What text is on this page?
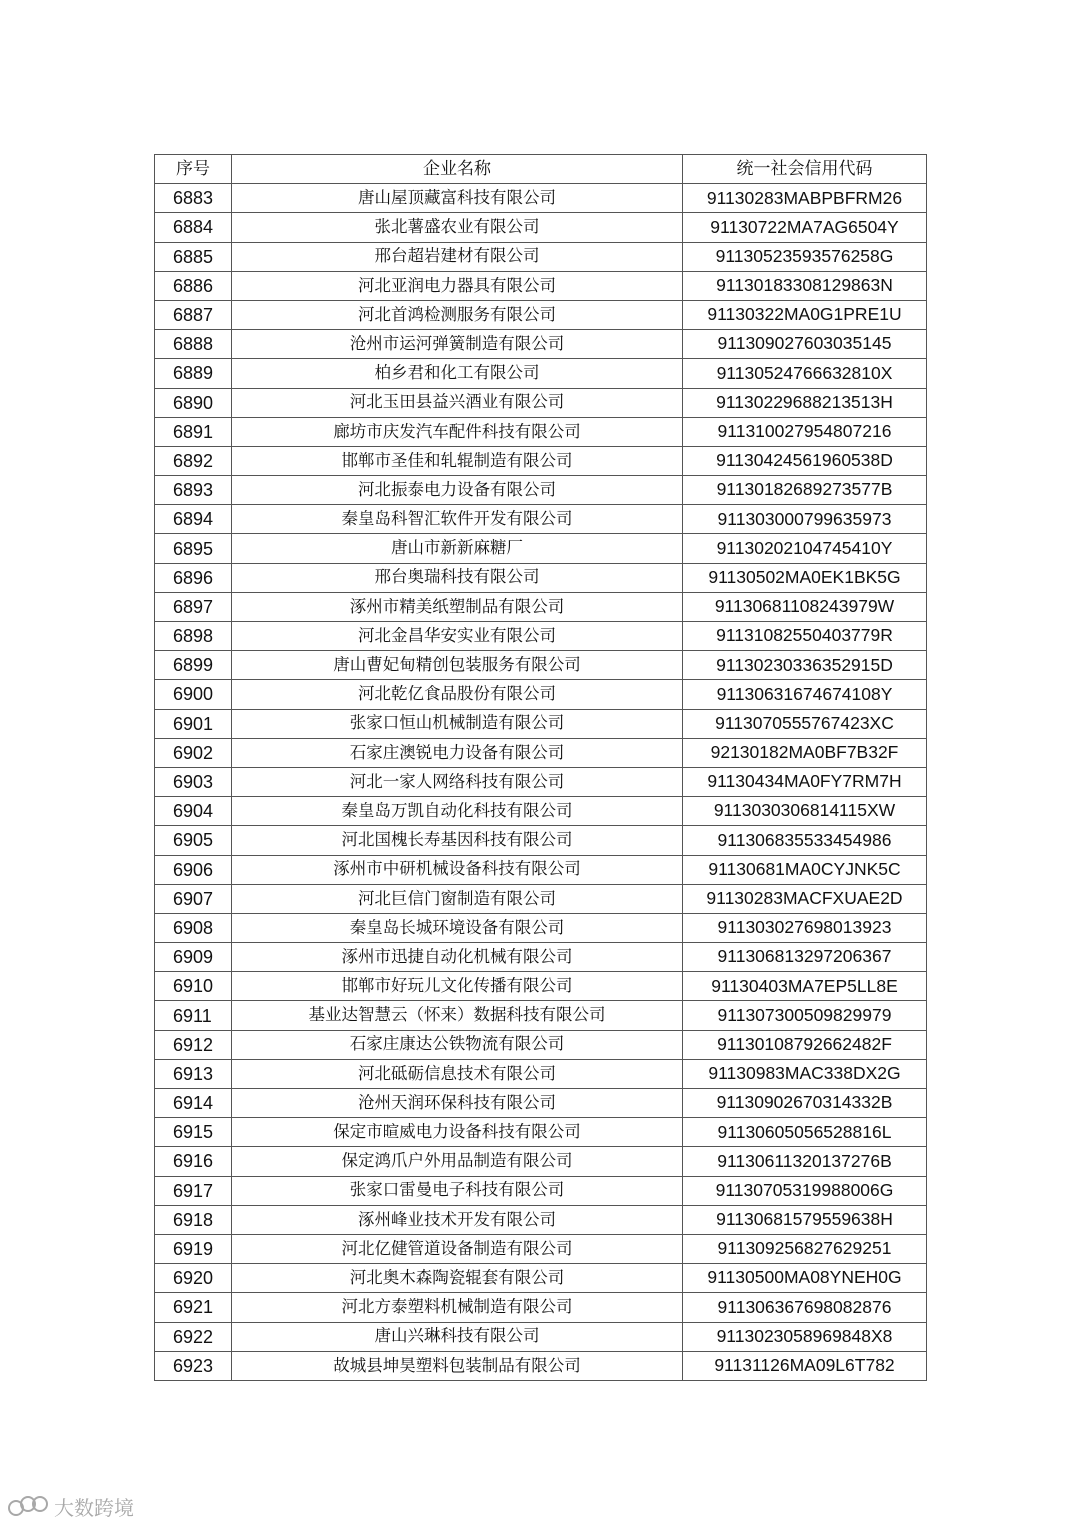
序号	企业名称	统一社会信用代码
6883	唐山屋顶藏富科技有限公司	91130283MABPBFRM26
6884	张北薯盛农业有限公司	91130722MA7AG6504Y
6885	邢台超岩建材有限公司	91130523593576258G
6886	河北亚润电力器具有限公司	91130183308129863N
6887	河北首鸿检测服务有限公司	91130322MA0G1PRE1U
6888	沧州市运河弹簧制造有限公司	911309027603035145
6889	柏乡君和化工有限公司	91130524766632810X
6890	河北玉田县益兴酒业有限公司	91130229688213513H
6891	廊坊市庆发汽车配件科技有限公司	911310027954807216
6892	邯郸市圣佳和轧辊制造有限公司	91130424561960538D
6893	河北振泰电力设备有限公司	91130182689273577B
6894	秦皇岛科智汇软件开发有限公司	911303000799635973
6895	唐山市新新麻糖厂	91130202104745410Y
6896	邢台奥瑞科技有限公司	91130502MA0EK1BK5G
6897	涿州市精美纸塑制品有限公司	91130681108243979W
6898	河北金昌华安实业有限公司	91131082550403779R
6899	唐山曹妃甸精创包装服务有限公司	91130230336352915D
6900	河北乾亿食品股份有限公司	91130631674674108Y
6901	张家口恒山机械制造有限公司	9113070555767423XC
6902	石家庄澳锐电力设备有限公司	92130182MA0BF7B32F
6903	河北一家人网络科技有限公司	91130434MA0FY7RM7H
6904	秦皇岛万凯自动化科技有限公司	9113030306814115XW
6905	河北国槐长寿基因科技有限公司	911306835533454986
6906	涿州市中研机械设备科技有限公司	91130681MA0CYJNK5C
6907	河北巨信门窗制造有限公司	91130283MACFXUAE2D
6908	秦皇岛长城环境设备有限公司	911303027698013923
6909	涿州市迅捷自动化机械有限公司	911306813297206367
6910	邯郸市好玩儿文化传播有限公司	91130403MA7EP5LL8E
6911	基业达智慧云（怀来）数据科技有限公司	911307300509829979
6912	石家庄康达公铁物流有限公司	91130108792662482F
6913	河北砥砺信息技术有限公司	91130983MAC338DX2G
6914	沧州天润环保科技有限公司	91130902670314332B
6915	保定市暄威电力设备科技有限公司	91130605056528816L
6916	保定鸿爪户外用品制造有限公司	91130611320137276B
6917	张家口雷曼电子科技有限公司	91130705319988006G
6918	涿州峰业技术开发有限公司	91130681579559638H
6919	河北亿健管道设备制造有限公司	911309256827629251
6920	河北奥木森陶瓷辊套有限公司	91130500MA08YNEH0G
6921	河北方泰塑料机械制造有限公司	911306367698082876
6922	唐山兴琳科技有限公司	9113023058969848X8
6923	故城县坤昊塑料包装制品有限公司	91131126MA09L6T782
大数跨境
